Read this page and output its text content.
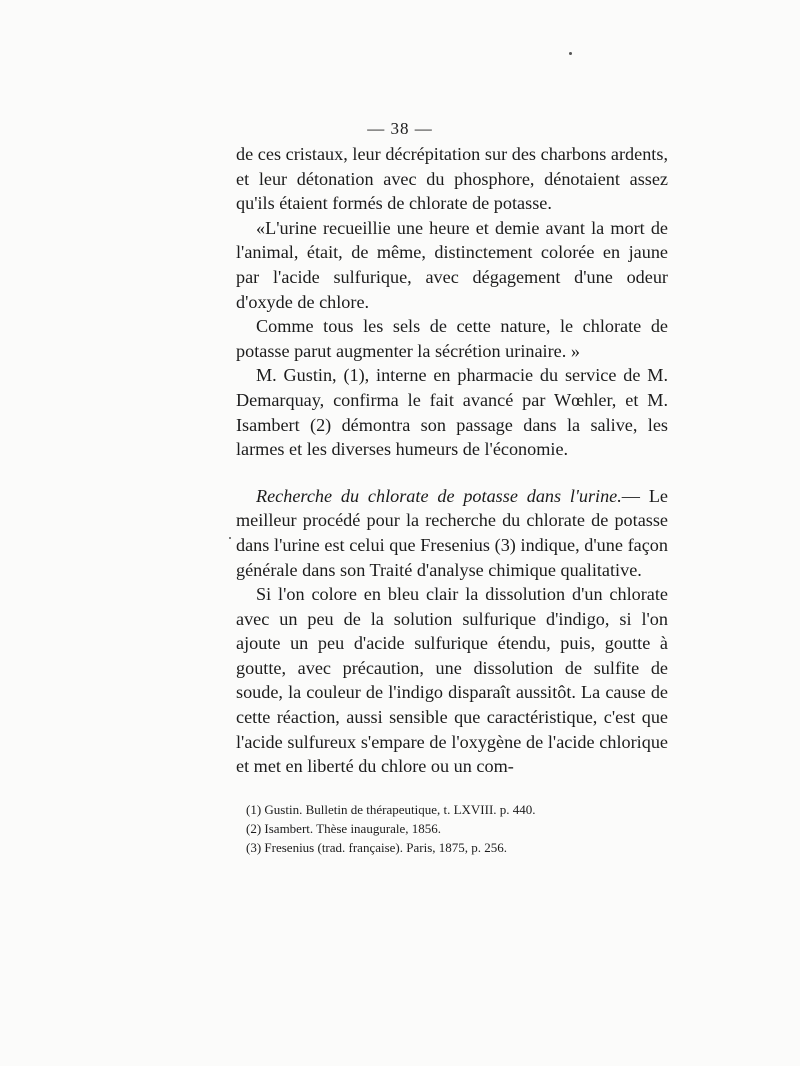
— 38 —

de ces cristaux, leur décrépitation sur des charbons ardents, et leur détonation avec du phosphore, dénotaient assez qu'ils étaient formés de chlorate de potasse.

«L'urine recueillie une heure et demie avant la mort de l'animal, était, de même, distinctement colorée en jaune par l'acide sulfurique, avec dégagement d'une odeur d'oxyde de chlore.

Comme tous les sels de cette nature, le chlorate de potasse parut augmenter la sécrétion urinaire. »

M. Gustin, (1), interne en pharmacie du service de M. Demarquay, confirma le fait avancé par Wœhler, et M. Isambert (2) démontra son passage dans la salive, les larmes et les diverses humeurs de l'économie.

Recherche du chlorate de potasse dans l'urine.— Le meilleur procédé pour la recherche du chlorate de potasse dans l'urine est celui que Fresenius (3) indique, d'une façon générale dans son Traité d'analyse chimique qualitative.

Si l'on colore en bleu clair la dissolution d'un chlorate avec un peu de la solution sulfurique d'indigo, si l'on ajoute un peu d'acide sulfurique étendu, puis, goutte à goutte, avec précaution, une dissolution de sulfite de soude, la couleur de l'indigo disparaît aussitôt. La cause de cette réaction, aussi sensible que caractéristique, c'est que l'acide sulfureux s'empare de l'oxygène de l'acide chlorique et met en liberté du chlore ou un com-

(1) Gustin. Bulletin de thérapeutique, t. LXVIII. p. 440.
(2) Isambert. Thèse inaugurale, 1856.
(3) Fresenius (trad. française). Paris, 1875, p. 256.
